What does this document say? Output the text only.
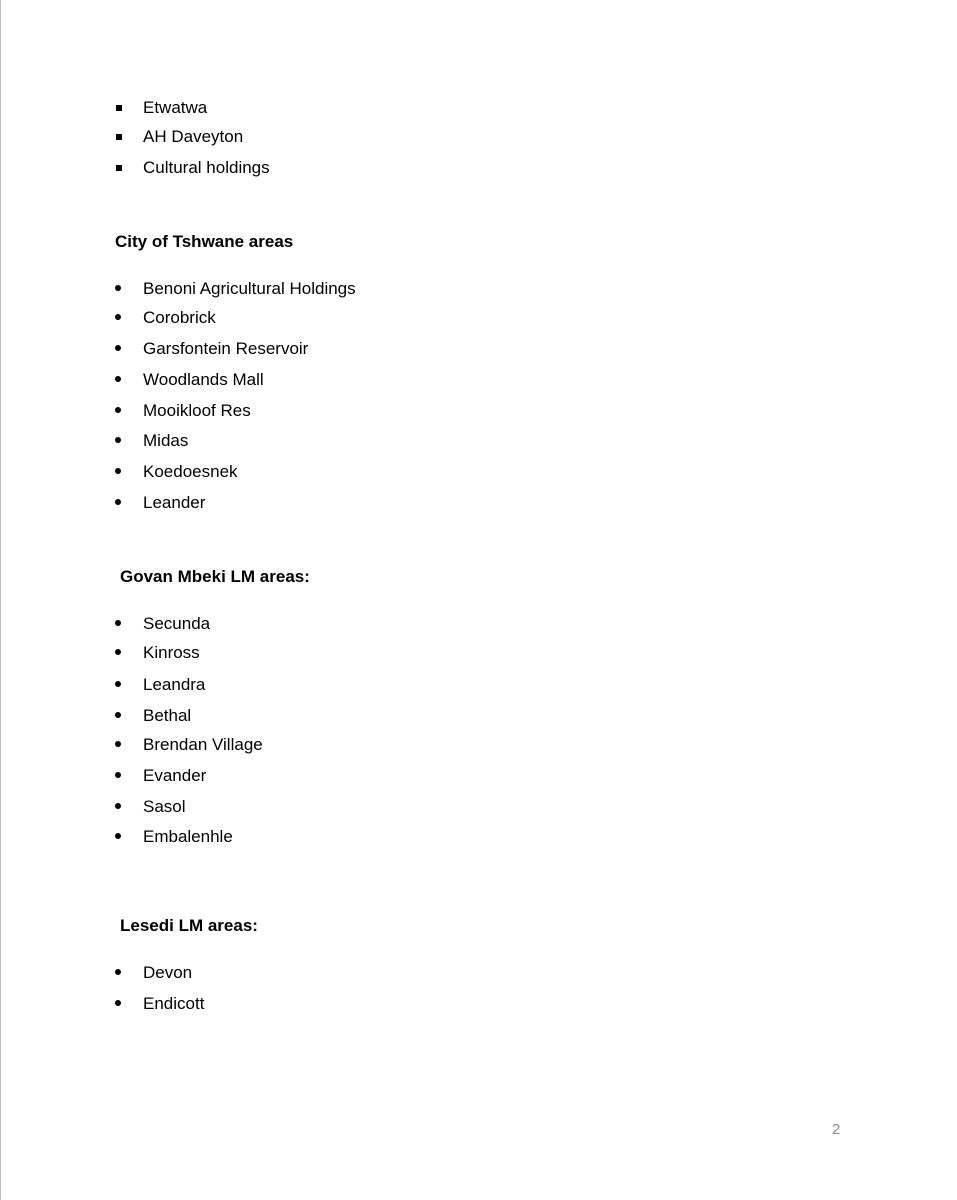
Etwatwa
AH Daveyton
Cultural holdings
City of Tshwane areas
Benoni Agricultural Holdings
Corobrick
Garsfontein Reservoir
Woodlands Mall
Mooikloof Res
Midas
Koedoesnek
Leander
Govan Mbeki LM areas:
Secunda
Kinross
Leandra
Bethal
Brendan Village
Evander
Sasol
Embalenhle
Lesedi LM areas:
Devon
Endicott
2
